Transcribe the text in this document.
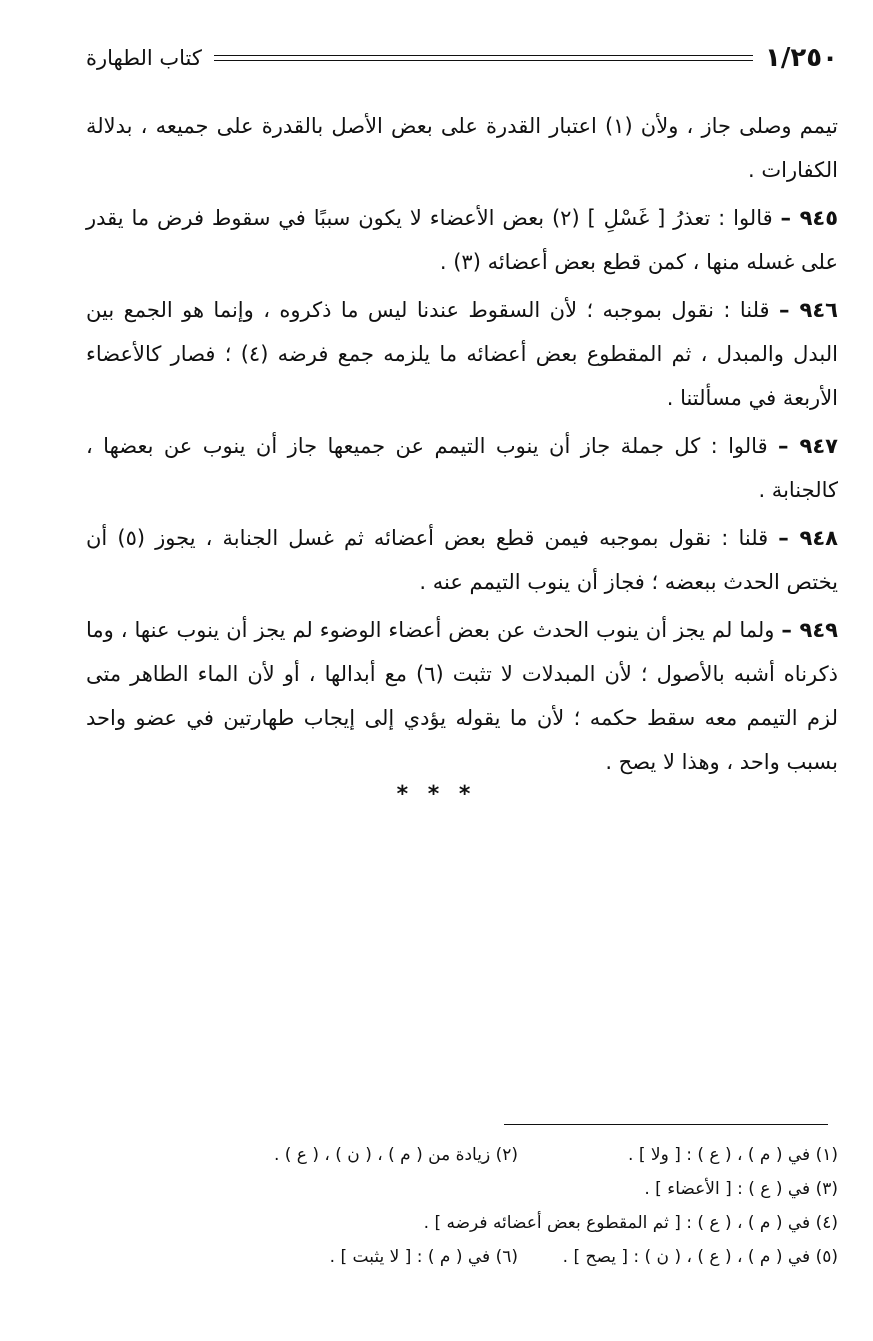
١/٢٥٠
كتاب الطهارة

تيمم وصلى جاز ، ولأن (١) اعتبار القدرة على بعض الأصل بالقدرة على جميعه ، بدلالة الكفارات .

٩٤٥ – قالوا : تعذرُ [ غَسْلِ ] (٢) بعض الأعضاء لا يكون سببًا في سقوط فرض ما يقدر على غسله منها ، كمن قطع بعض أعضائه (٣) .

٩٤٦ – قلنا : نقول بموجبه ؛ لأن السقوط عندنا ليس ما ذكروه ، وإنما هو الجمع بين البدل والمبدل ، ثم المقطوع بعض أعضائه ما يلزمه جمع فرضه (٤) ؛ فصار كالأعضاء الأربعة في مسألتنا .

٩٤٧ – قالوا : كل جملة جاز أن ينوب التيمم عن جميعها جاز أن ينوب عن بعضها ، كالجنابة .

٩٤٨ – قلنا : نقول بموجبه فيمن قطع بعض أعضائه ثم غسل الجنابة ، يجوز (٥) أن يختص الحدث ببعضه ؛ فجاز أن ينوب التيمم عنه .

٩٤٩ – ولما لم يجز أن ينوب الحدث عن بعض أعضاء الوضوء لم يجز أن ينوب عنها ، وما ذكرناه أشبه بالأصول ؛ لأن المبدلات لا تثبت (٦) مع أبدالها ، أو لأن الماء الطاهر متى لزم التيمم معه سقط حكمه ؛ لأن ما يقوله يؤدي إلى إيجاب طهارتين في عضو واحد بسبب واحد ، وهذا لا يصح .

* * *
(١) في ( م ) ، ( ع ) : [ ولا ] .
(٢) زيادة من ( م ) ، ( ن ) ، ( ع ) .
(٣) في ( ع ) : [ الأعضاء ] .
(٤) في ( م ) ، ( ع ) : [ ثم المقطوع بعض أعضائه فرضه ] .
(٥) في ( م ) ، ( ع ) ، ( ن ) : [ يصح ] .
(٦) في ( م ) : [ لا يثبت ] .
